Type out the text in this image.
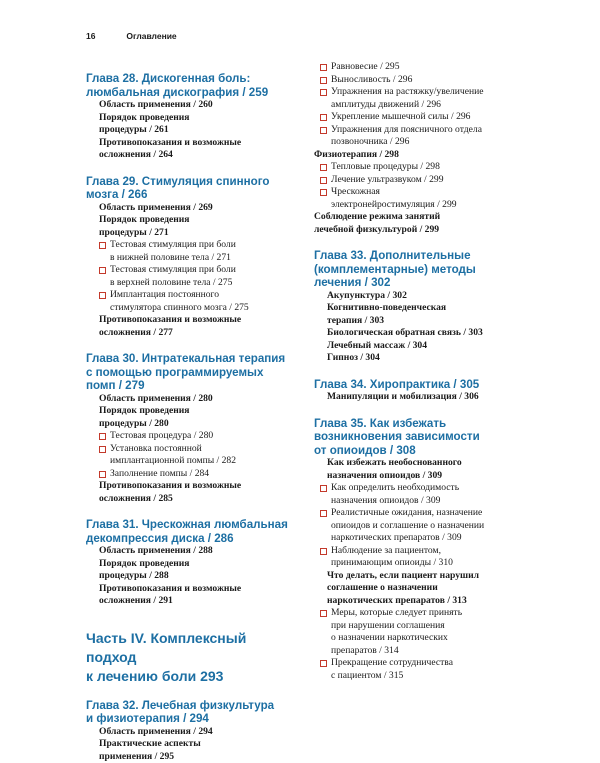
16	Оглавление
Глава 28. Дискогенная боль:
люмбальная дискография / 259
Область применения / 260
Порядок проведения
процедуры / 261
Противопоказания и возможные
осложнения / 264
Глава 29. Стимуляция спинного
мозга / 266
Область применения / 269
Порядок проведения
процедуры / 271
Тестовая стимуляция при боли
в нижней половине тела / 271
Тестовая стимуляция при боли
в верхней половине тела / 275
Имплантация постоянного
стимулятора спинного мозга / 275
Противопоказания и возможные
осложнения / 277
Глава 30. Интратекальная терапия
с помощью программируемых
помп / 279
Область применения / 280
Порядок проведения
процедуры / 280
Тестовая процедура / 280
Установка постоянной
имплантационной помпы / 282
Заполнение помпы / 284
Противопоказания и возможные
осложнения / 285
Глава 31. Чрескожная люмбальная
декомпрессия диска / 286
Область применения / 288
Порядок проведения
процедуры / 288
Противопоказания и возможные
осложнения / 291
Часть IV. Комплексный подход
к лечению боли 293
Глава 32. Лечебная физкультура
и физиотерапия / 294
Область применения / 294
Практические аспекты
применения / 295
Равновесие / 295
Выносливость / 296
Упражнения на растяжку/увеличение
амплитуды движений / 296
Укрепление мышечной силы / 296
Упражнения для поясничного отдела
позвоночника / 296
Физиотерапия / 298
Тепловые процедуры / 298
Лечение ультразвуком / 299
Чрескожная
электронейростимуляция / 299
Соблюдение режима занятий
лечебной физкультурой / 299
Глава 33. Дополнительные
(комплементарные) методы
лечения / 302
Акупунктура / 302
Когнитивно-поведенческая
терапия / 303
Биологическая обратная связь / 303
Лечебный массаж / 304
Гипноз / 304
Глава 34. Хиропрактика / 305
Манипуляции и мобилизация / 306
Глава 35. Как избежать
возникновения зависимости
от опиоидов / 308
Как избежать необоснованного
назначения опиоидов / 309
Как определить необходимость
назначения опиоидов / 309
Реалистичные ожидания, назначение
опиоидов и соглашение о назначении
наркотических препаратов / 309
Наблюдение за пациентом,
принимающим опиоиды / 310
Что делать, если пациент нарушил
соглашение о назначении
наркотических препаратов / 313
Меры, которые следует принять
при нарушении соглашения
о назначении наркотических
препаратов / 314
Прекращение сотрудничества
с пациентом / 315
